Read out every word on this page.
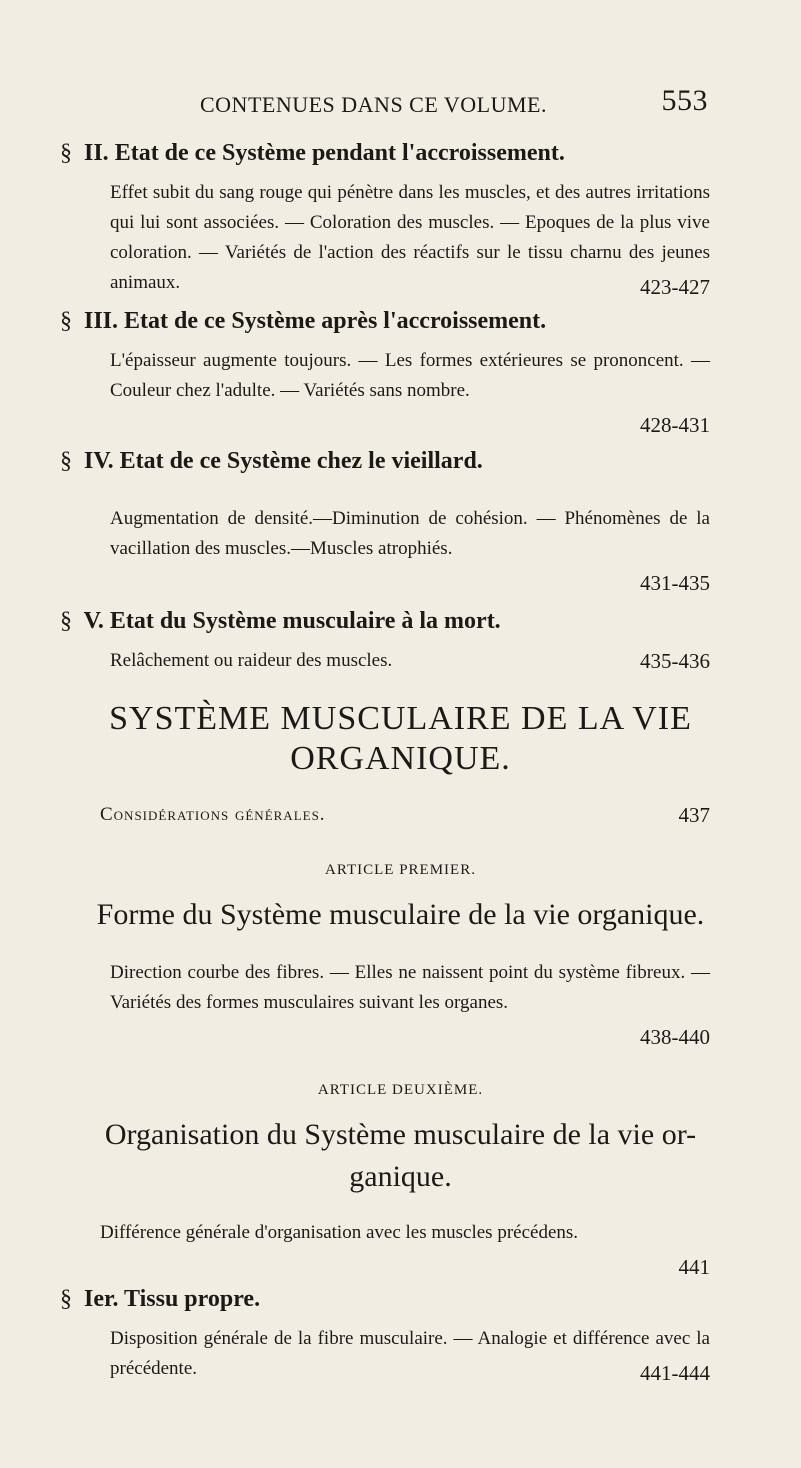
CONTENUES DANS CE VOLUME.	553
§ II. Etat de ce Système pendant l'accroissement.
Effet subit du sang rouge qui pénètre dans les muscles, et des autres irritations qui lui sont associées. — Coloration des muscles. — Epoques de la plus vive coloration. — Variétés de l'action des réactifs sur le tissu charnu des jeunes animaux.	423-427
§ III. Etat de ce Système après l'accroissement.
L'épaisseur augmente toujours. — Les formes extérieures se prononcent. — Couleur chez l'adulte. — Variétés sans nombre.
428-431
§ IV. Etat de ce Système chez le vieillard.
Augmentation de densité.—Diminution de cohésion. — Phénomènes de la vacillation des muscles.—Muscles atrophiés.
431-435
§ V. Etat du Système musculaire à la mort.
Relâchement ou raideur des muscles.	435-436
SYSTÈME MUSCULAIRE DE LA VIE
ORGANIQUE.
Considérations générales.	437
ARTICLE PREMIER.
Forme du Système musculaire de la vie organique.
Direction courbe des fibres. — Elles ne naissent point du système fibreux. — Variétés des formes musculaires suivant les organes.
438-440
ARTICLE DEUXIÈME.
Organisation du Système musculaire de la vie or-
ganique.
Différence générale d'organisation avec les muscles précédens.
441
§ Ier. Tissu propre.
Disposition générale de la fibre musculaire. — Analogie et différence avec la précédente.	441-444
